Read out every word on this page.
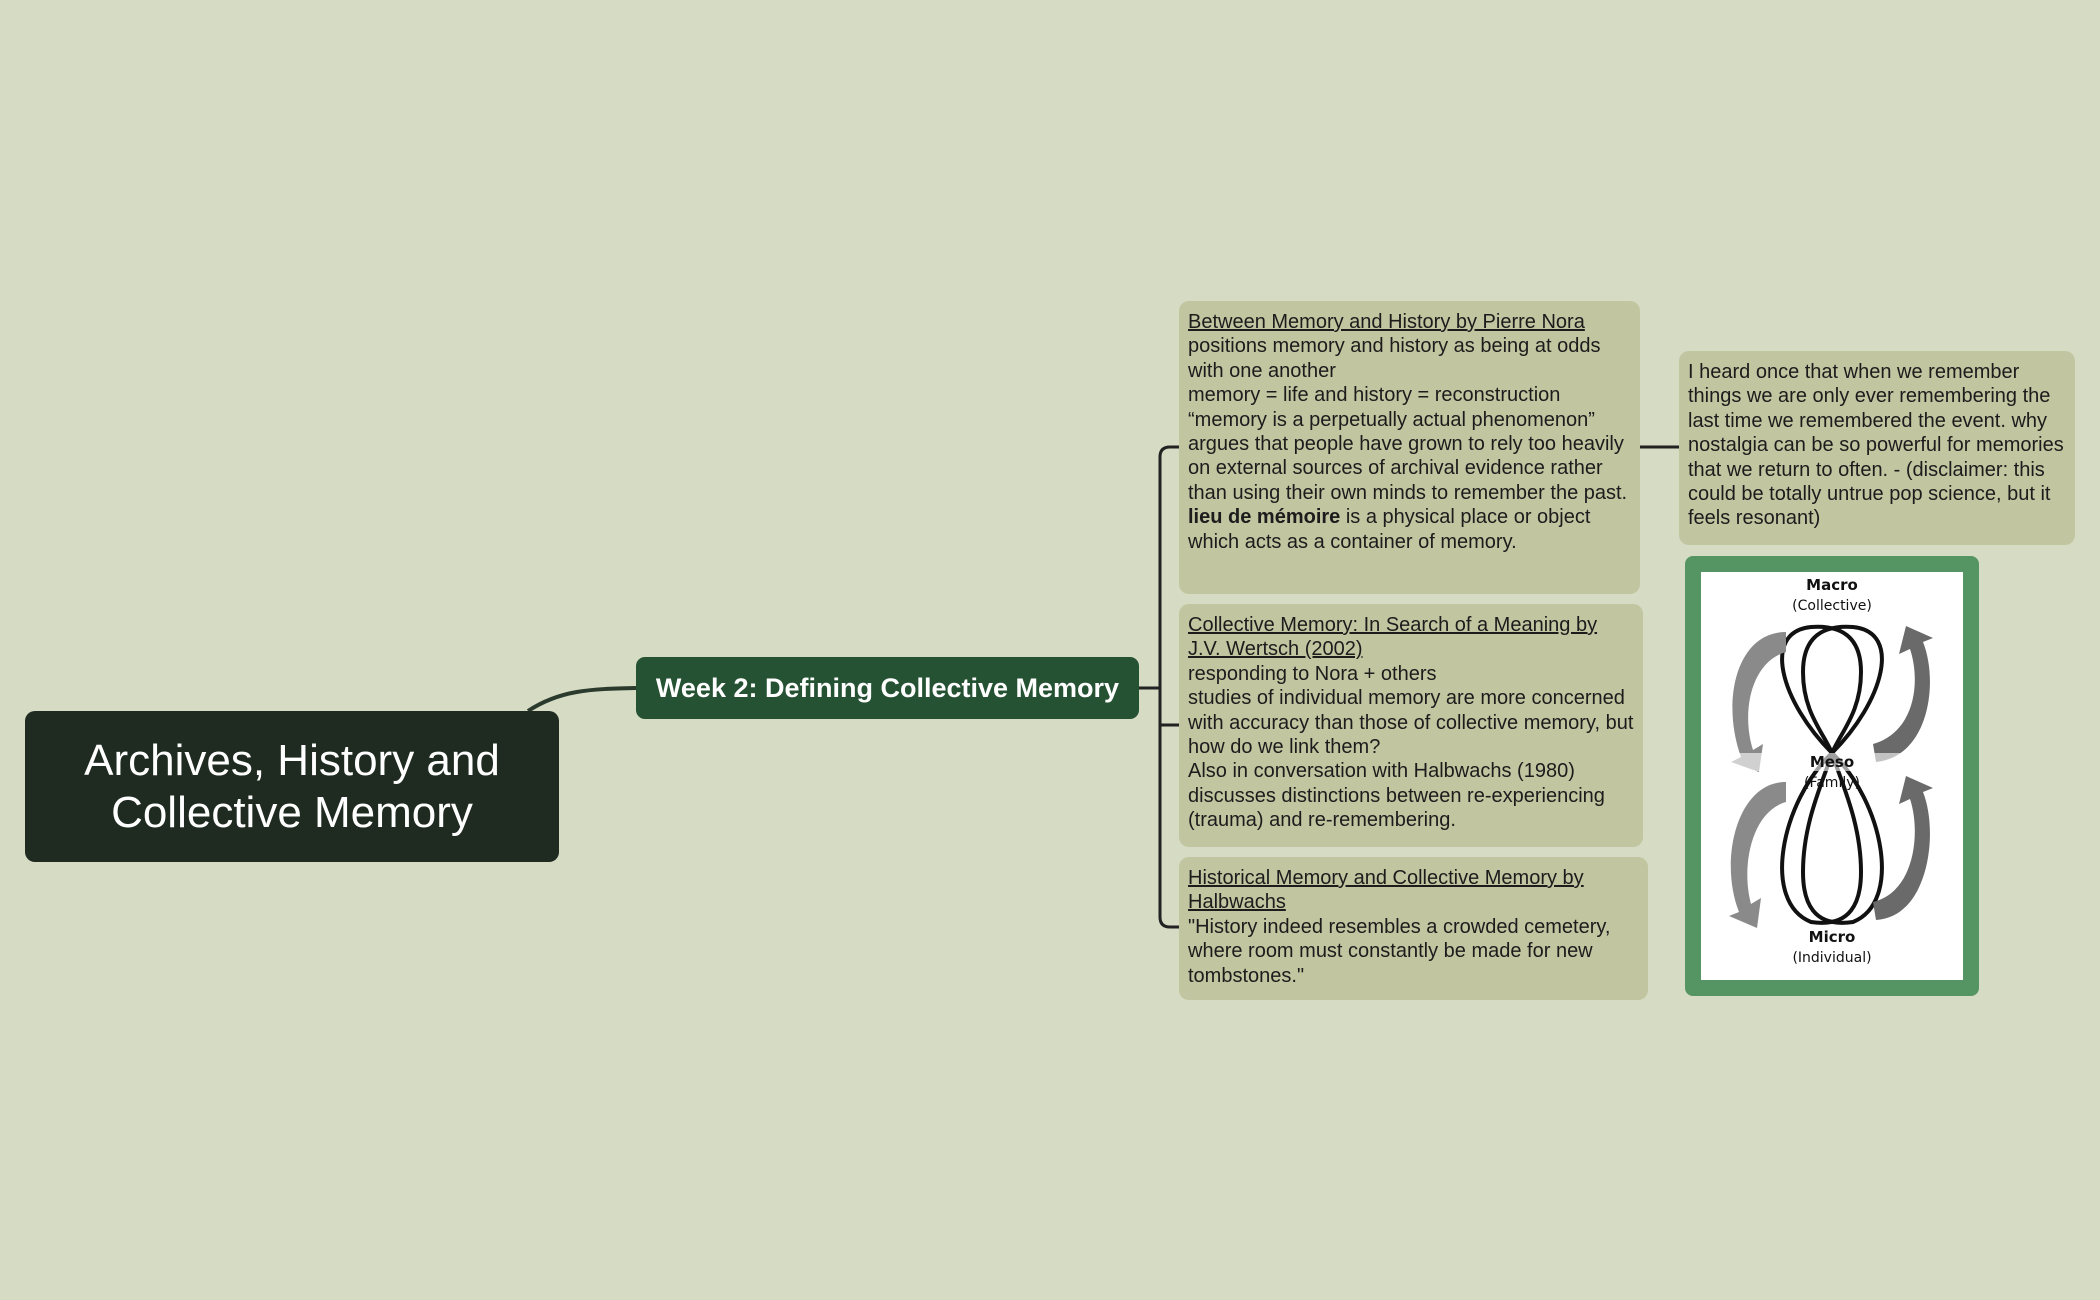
Archives, History and Collective Memory
Week 2: Defining Collective Memory

Between Memory and History by Pierre Nora

positions memory and history as being at odds with one another

memory = life and history = reconstruction

“memory is a perpetually actual phenomenon”

argues that people have grown to rely too heavily on external sources of archival evidence rather than using their own minds to remember the past.

lieu de mémoire is a physical place or object which acts as a container of memory.

Collective Memory: In Search of a Meaning by J.V. Wertsch (2002)

responding to Nora + others

studies of individual memory are more concerned with accuracy than those of collective memory, but how do we link them?

Also in conversation with Halbwachs (1980)

discusses distinctions between re-experiencing (trauma) and re-remembering.

Historical Memory and Collective Memory by Halbwachs

"History indeed resembles a crowded cemetery, where room must constantly be made for new tombstones."

I heard once that when we remember things we are only ever remembering the last time we remembered the event. why nostalgia can be so powerful for memories that we return to often. - (disclaimer: this could be totally untrue pop science, but it feels resonant)

Macro
(Collective)
Meso
(Family)
Micro
(Individual)
